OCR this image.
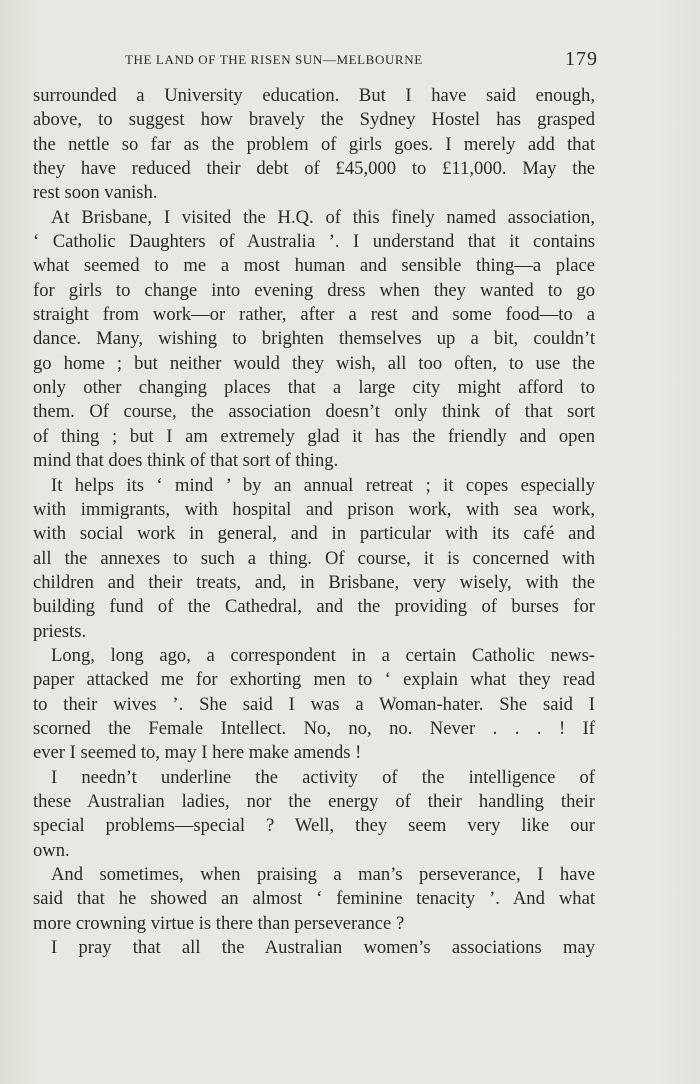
THE LAND OF THE RISEN SUN—MELBOURNE	179
surrounded a University education. But I have said enough,
above, to suggest how bravely the Sydney Hostel has grasped
the nettle so far as the problem of girls goes. I merely add that
they have reduced their debt of £45,000 to £11,000. May the
rest soon vanish.
At Brisbane, I visited the H.Q. of this finely named association,
‘ Catholic Daughters of Australia ’. I understand that it contains
what seemed to me a most human and sensible thing—a place
for girls to change into evening dress when they wanted to go
straight from work—or rather, after a rest and some food—to a
dance. Many, wishing to brighten themselves up a bit, couldn’t
go home ; but neither would they wish, all too often, to use the
only other changing places that a large city might afford to
them. Of course, the association doesn’t only think of that sort
of thing ; but I am extremely glad it has the friendly and open
mind that does think of that sort of thing.
It helps its ‘ mind ’ by an annual retreat ; it copes especially
with immigrants, with hospital and prison work, with sea work,
with social work in general, and in particular with its café and
all the annexes to such a thing. Of course, it is concerned with
children and their treats, and, in Brisbane, very wisely, with the
building fund of the Cathedral, and the providing of burses for
priests.
Long, long ago, a correspondent in a certain Catholic news-
paper attacked me for exhorting men to ‘ explain what they read
to their wives ’. She said I was a Woman-hater. She said I
scorned the Female Intellect. No, no, no. Never . . . ! If
ever I seemed to, may I here make amends !
I needn’t underline the activity of the intelligence of
these Australian ladies, nor the energy of their handling their
special problems—special ? Well, they seem very like our
own.
And sometimes, when praising a man’s perseverance, I have
said that he showed an almost ‘ feminine tenacity ’. And what
more crowning virtue is there than perseverance ?
I pray that all the Australian women’s associations may
